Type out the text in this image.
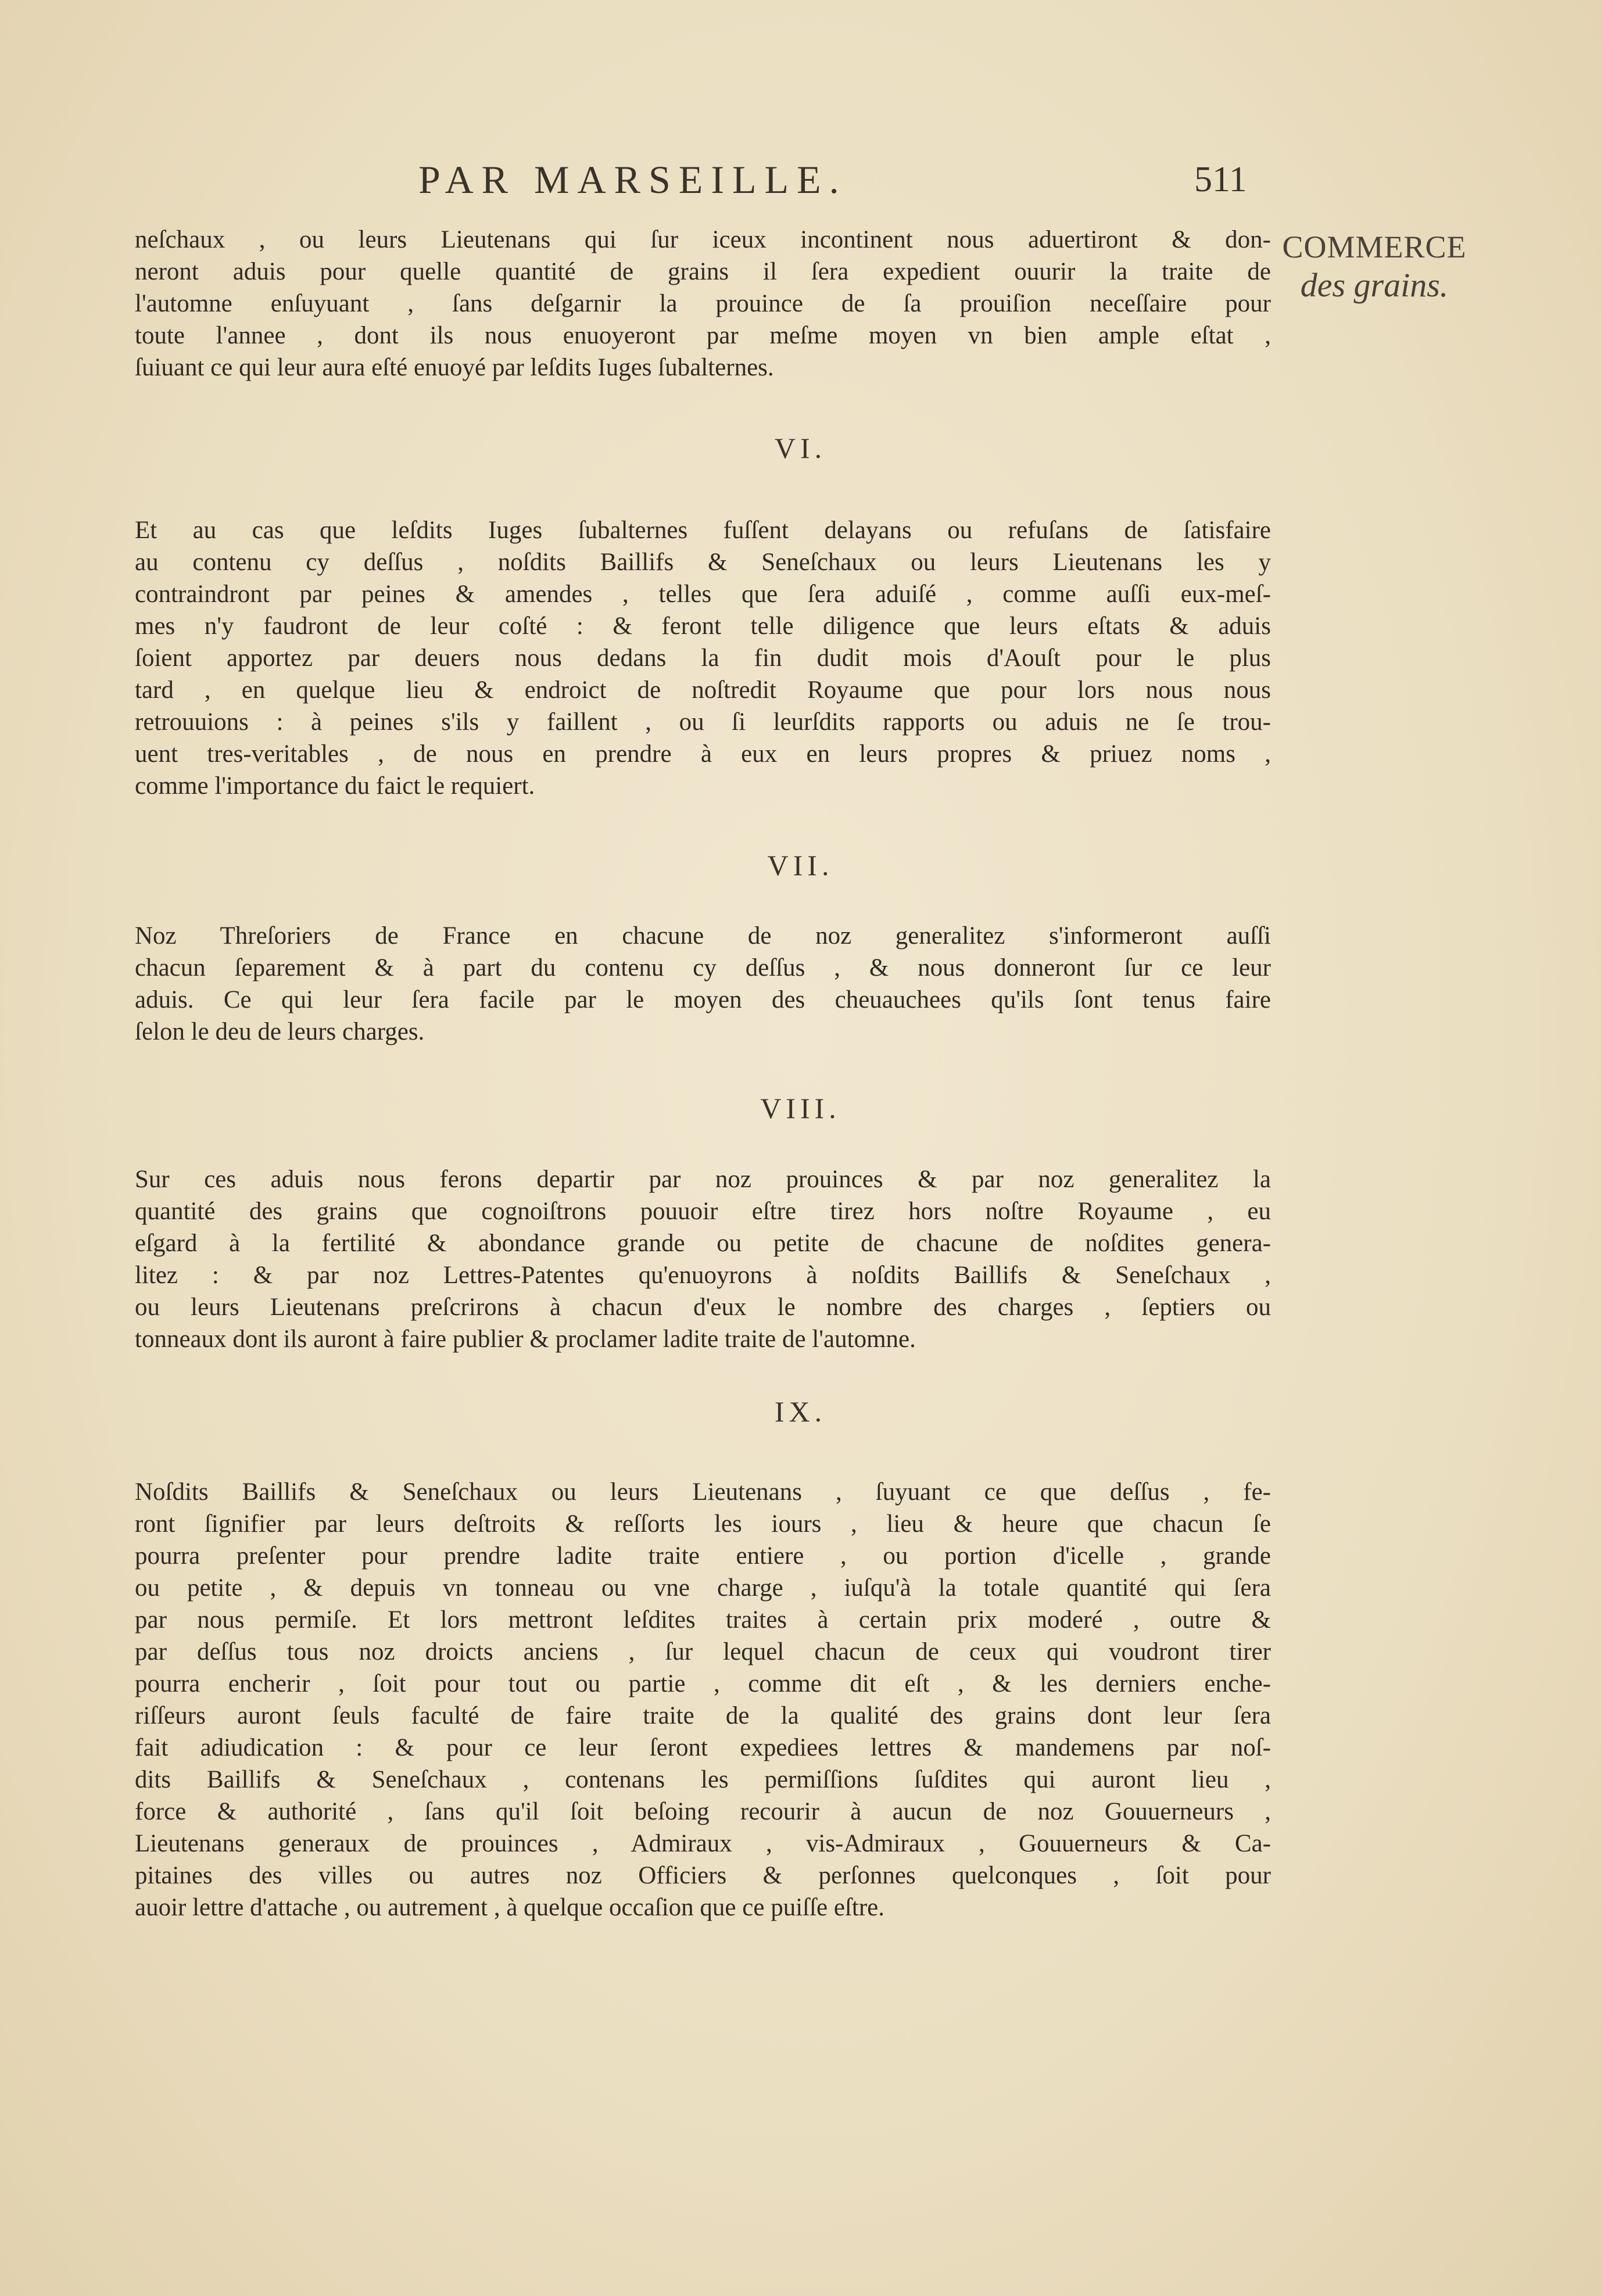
PAR MARSEILLE.	511
COMMERCE
des grains.

neſchaux , ou leurs Lieutenans qui ſur iceux incontinent nous aduertiront & don-
neront aduis pour quelle quantité de grains il ſera expedient ouurir la traite de
l'automne enſuyuant , ſans deſgarnir la prouince de ſa prouiſion neceſſaire pour
toute l'annee , dont ils nous enuoyeront par meſme moyen vn bien ample eſtat ,
ſuiuant ce qui leur aura eſté enuoyé par leſdits Iuges ſubalternes.

VI.

Et au cas que leſdits Iuges ſubalternes fuſſent delayans ou refuſans de ſatisfaire
au contenu cy deſſus , noſdits Baillifs & Seneſchaux ou leurs Lieutenans les y
contraindront par peines & amendes , telles que ſera aduiſé , comme auſſi eux-meſ-
mes n'y faudront de leur coſté : & feront telle diligence que leurs eſtats & aduis
ſoient apportez par deuers nous dedans la fin dudit mois d'Aouſt pour le plus
tard , en quelque lieu & endroict de noſtredit Royaume que pour lors nous nous
retrouuions : à peines s'ils y faillent , ou ſi leurſdits rapports ou aduis ne ſe trou-
uent tres-veritables , de nous en prendre à eux en leurs propres & priuez noms ,
comme l'importance du faict le requiert.

VII.

Noz Threſoriers de France en chacune de noz generalitez s'informeront auſſi
chacun ſeparement & à part du contenu cy deſſus , & nous donneront ſur ce leur
aduis. Ce qui leur ſera facile par le moyen des cheuauchees qu'ils ſont tenus faire
ſelon le deu de leurs charges.

VIII.

Sur ces aduis nous ferons departir par noz prouinces & par noz generalitez la
quantité des grains que cognoiſtrons pouuoir eſtre tirez hors noſtre Royaume , eu
eſgard à la fertilité & abondance grande ou petite de chacune de noſdites genera-
litez : & par noz Lettres-Patentes qu'enuoyrons à noſdits Baillifs & Seneſchaux ,
ou leurs Lieutenans preſcrirons à chacun d'eux le nombre des charges , ſeptiers ou
tonneaux dont ils auront à faire publier & proclamer ladite traite de l'automne.

IX.

Noſdits Baillifs & Seneſchaux ou leurs Lieutenans , ſuyuant ce que deſſus , fe-
ront ſignifier par leurs deſtroits & reſſorts les iours , lieu & heure que chacun ſe
pourra preſenter pour prendre ladite traite entiere , ou portion d'icelle , grande
ou petite , & depuis vn tonneau ou vne charge , iuſqu'à la totale quantité qui ſera
par nous permiſe. Et lors mettront leſdites traites à certain prix moderé , outre &
par deſſus tous noz droicts anciens , ſur lequel chacun de ceux qui voudront tirer
pourra encherir , ſoit pour tout ou partie , comme dit eſt , & les derniers enche-
riſſeurs auront ſeuls faculté de faire traite de la qualité des grains dont leur ſera
fait adiudication : & pour ce leur ſeront expediees lettres & mandemens par noſ-
dits Baillifs & Seneſchaux , contenans les permiſſions ſuſdites qui auront lieu ,
force & authorité , ſans qu'il ſoit beſoing recourir à aucun de noz Gouuerneurs ,
Lieutenans generaux de prouinces , Admiraux , vis-Admiraux , Gouuerneurs & Ca-
pitaines des villes ou autres noz Officiers & perſonnes quelconques , ſoit pour
auoir lettre d'attache , ou autrement , à quelque occaſion que ce puiſſe eſtre.
